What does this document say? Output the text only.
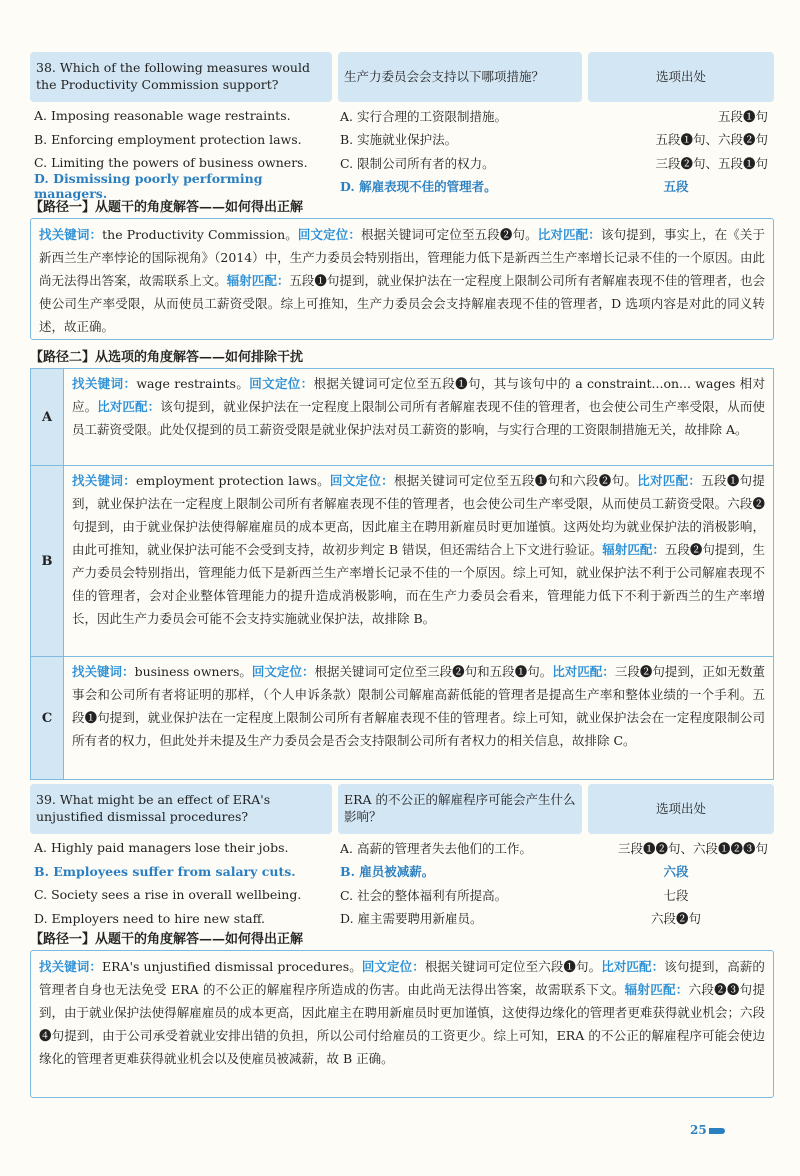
38. Which of the following measures would the Productivity Commission support?
生产力委员会会支持以下哪项措施？	选项出处
A. Imposing reasonable wage restraints.	A. 实行合理的工资限制措施。	五段❶句
B. Enforcing employment protection laws.	B. 实施就业保护法。	五段❶句、六段❷句
C. Limiting the powers of business owners.	C. 限制公司所有者的权力。	三段❷句、五段❶句
D. Dismissing poorly performing managers.	D. 解雇表现不佳的管理者。	五段
【路径一】从题干的角度解答——如何得出正解
找关键词：the Productivity Commission。回文定位：根据关键词可定位至五段❷句。比对匹配：该句提到，事实上，在《关于新西兰生产率悖论的国际视角》（2014）中，生产力委员会特别指出，管理能力低下是新西兰生产率增长记录不佳的一个原因。由此尚无法得出答案，故需联系上文。辐射匹配：五段❶句提到，就业保护法在一定程度上限制公司所有者解雇表现不佳的管理者，也会使公司生产率受限，从而使员工薪资受限。综上可推知，生产力委员会会支持解雇表现不佳的管理者，D 选项内容是对此的同义转述，故正确。
【路径二】从选项的角度解答——如何排除干扰
A
找关键词：wage restraints。回文定位：根据关键词可定位至五段❶句，其与该句中的 a constraint...on... wages 相对应。比对匹配：该句提到，就业保护法在一定程度上限制公司所有者解雇表现不佳的管理者，也会使公司生产率受限，从而使员工薪资受限。此处仅提到的员工薪资受限是就业保护法对员工薪资的影响，与实行合理的工资限制措施无关，故排除 A。
B
找关键词：employment protection laws。回文定位：根据关键词可定位至五段❶句和六段❷句。比对匹配：五段❶句提到，就业保护法在一定程度上限制公司所有者解雇表现不佳的管理者，也会使公司生产率受限，从而使员工薪资受限。六段❷句提到，由于就业保护法使得解雇雇员的成本更高，因此雇主在聘用新雇员时更加谨慎。这两处均为就业保护法的消极影响，由此可推知，就业保护法可能不会受到支持，故初步判定 B 错误，但还需结合上下文进行验证。辐射匹配：五段❷句提到，生产力委员会特别指出，管理能力低下是新西兰生产率增长记录不佳的一个原因。综上可知，就业保护法不利于公司解雇表现不佳的管理者，会对企业整体管理能力的提升造成消极影响，而在生产力委员会看来，管理能力低下不利于新西兰的生产率增长，因此生产力委员会可能不会支持实施就业保护法，故排除 B。
C
找关键词：business owners。回文定位：根据关键词可定位至三段❷句和五段❶句。比对匹配：三段❷句提到，正如无数董事会和公司所有者将证明的那样，（个人申诉条款）限制公司解雇高薪低能的管理者是提高生产率和整体业绩的一个手利。五段❶句提到，就业保护法在一定程度上限制公司所有者解雇表现不佳的管理者。综上可知，就业保护法会在一定程度限制公司所有者的权力，但此处并未提及生产力委员会是否会支持限制公司所有者权力的相关信息，故排除 C。
39. What might be an effect of ERA's unjustified dismissal procedures?
ERA 的不公正的解雇程序可能会产生什么影响？
选项出处
A. Highly paid managers lose their jobs.	A. 高薪的管理者失去他们的工作。	三段❶❷句、六段❶❷❸句
B. Employees suffer from salary cuts.	B. 雇员被减薪。	六段
C. Society sees a rise in overall wellbeing.	C. 社会的整体福利有所提高。	七段
D. Employers need to hire new staff.	D. 雇主需要聘用新雇员。	六段❷句
【路径一】从题干的角度解答——如何得出正解
找关键词：ERA's unjustified dismissal procedures。回文定位：根据关键词可定位至六段❶句。比对匹配：该句提到，高薪的管理者自身也无法免受 ERA 的不公正的解雇程序所造成的伤害。由此尚无法得出答案，故需联系下文。辐射匹配：六段❷❸句提到，由于就业保护法使得解雇雇员的成本更高，因此雇主在聘用新雇员时更加谨慎，这使得边缘化的管理者更难获得就业机会；六段❹句提到，由于公司承受着就业安排出错的负担，所以公司付给雇员的工资更少。综上可知，ERA 的不公正的解雇程序可能会使边缘化的管理者更难获得就业机会以及使雇员被减薪，故 B 正确。
25
